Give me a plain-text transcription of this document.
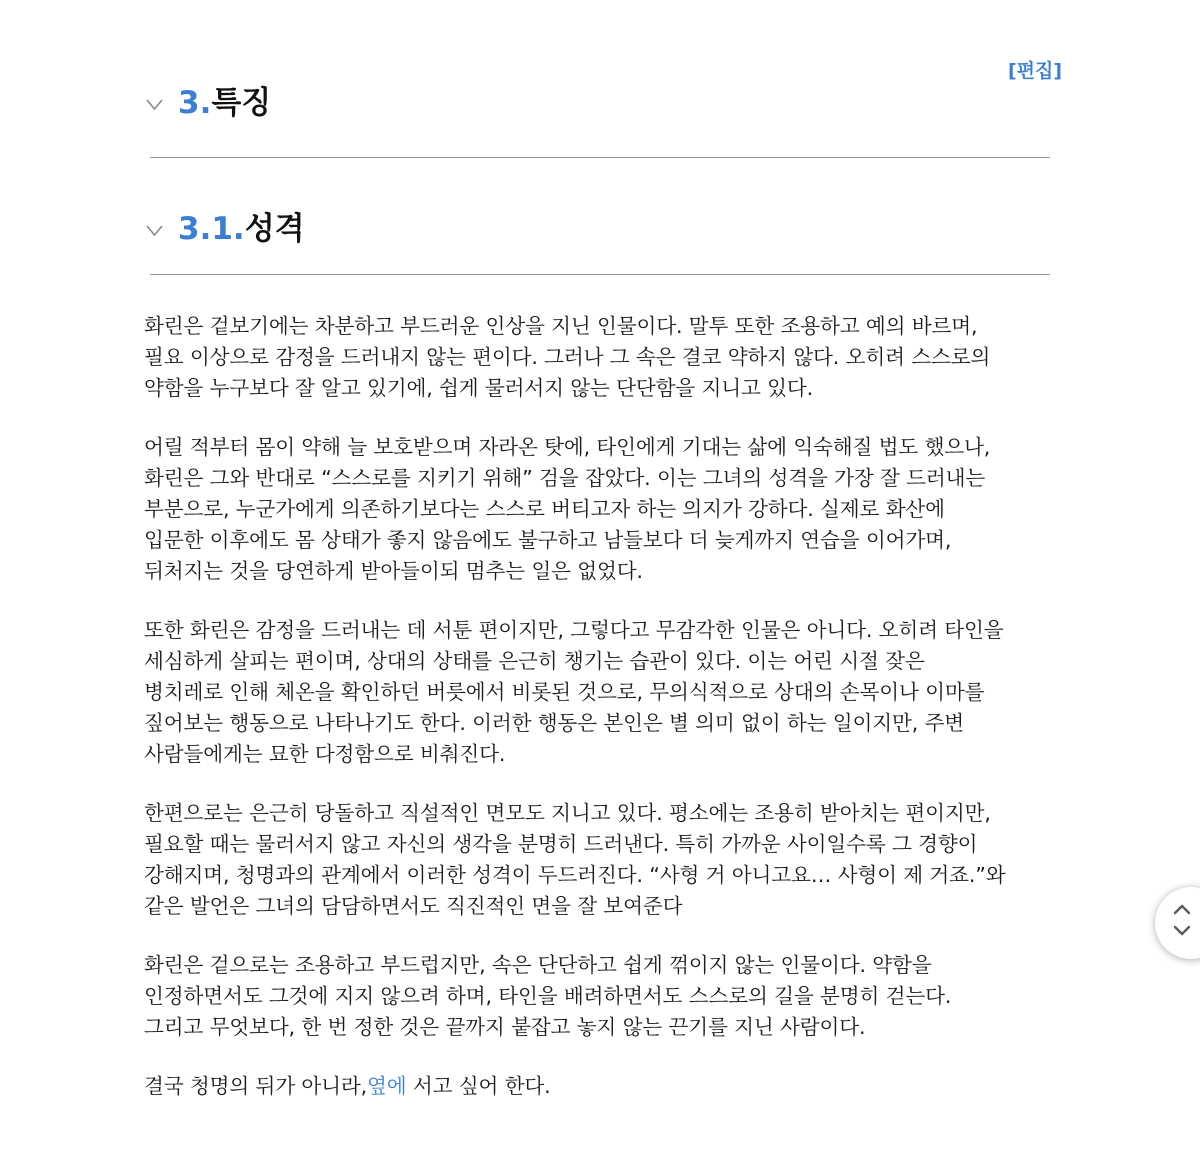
[편집]
3. 특징
3.1. 성격

화린은 겉보기에는 차분하고 부드러운 인상을 지닌 인물이다. 말투 또한 조용하고 예의 바르며,
필요 이상으로 감정을 드러내지 않는 편이다. 그러나 그 속은 결코 약하지 않다. 오히려 스스로의
약함을 누구보다 잘 알고 있기에, 쉽게 물러서지 않는 단단함을 지니고 있다.

어릴 적부터 몸이 약해 늘 보호받으며 자라온 탓에, 타인에게 기대는 삶에 익숙해질 법도 했으나,
화린은 그와 반대로 “스스로를 지키기 위해” 검을 잡았다. 이는 그녀의 성격을 가장 잘 드러내는
부분으로, 누군가에게 의존하기보다는 스스로 버티고자 하는 의지가 강하다. 실제로 화산에
입문한 이후에도 몸 상태가 좋지 않음에도 불구하고 남들보다 더 늦게까지 연습을 이어가며,
뒤처지는 것을 당연하게 받아들이되 멈추는 일은 없었다.

또한 화린은 감정을 드러내는 데 서툰 편이지만, 그렇다고 무감각한 인물은 아니다. 오히려 타인을
세심하게 살피는 편이며, 상대의 상태를 은근히 챙기는 습관이 있다. 이는 어린 시절 잦은
병치레로 인해 체온을 확인하던 버릇에서 비롯된 것으로, 무의식적으로 상대의 손목이나 이마를
짚어보는 행동으로 나타나기도 한다. 이러한 행동은 본인은 별 의미 없이 하는 일이지만, 주변
사람들에게는 묘한 다정함으로 비춰진다.

한편으로는 은근히 당돌하고 직설적인 면모도 지니고 있다. 평소에는 조용히 받아치는 편이지만,
필요할 때는 물러서지 않고 자신의 생각을 분명히 드러낸다. 특히 가까운 사이일수록 그 경향이
강해지며, 청명과의 관계에서 이러한 성격이 두드러진다. “사형 거 아니고요… 사형이 제 거죠.”와
같은 발언은 그녀의 담담하면서도 직진적인 면을 잘 보여준다

화린은 겉으로는 조용하고 부드럽지만, 속은 단단하고 쉽게 꺾이지 않는 인물이다. 약함을
인정하면서도 그것에 지지 않으려 하며, 타인을 배려하면서도 스스로의 길을 분명히 걷는다.
그리고 무엇보다, 한 번 정한 것은 끝까지 붙잡고 놓지 않는 끈기를 지닌 사람이다.

결국 청명의 뒤가 아니라,옆에 서고 싶어 한다.
